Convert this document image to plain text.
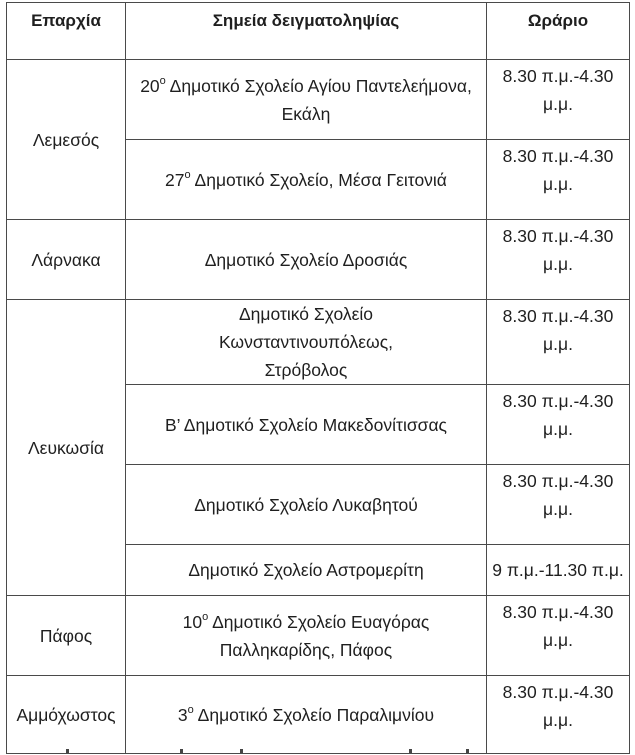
Επαρχία	Σημεία δειγματοληψίας	Ωράριο
Λεμεσός	$20^o$ Δημοτικό Σχολείο Αγίου Παντελεήμονα, Εκάλη	8.30 π.μ.-4.30 μ.μ.
	$27^o$ Δημοτικό Σχολείο, Μέσα Γειτονιά	8.30 π.μ.-4.30 μ.μ.
Λάρνακα	Δημοτικό Σχολείο Δροσιάς	8.30 π.μ.-4.30 μ.μ.
Λευκωσία	Δημοτικό Σχολείο Κωνσταντινουπόλεως, Στρόβολος	8.30 π.μ.-4.30 μ.μ.
	Β’ Δημοτικό Σχολείο Μακεδονίτισσας	8.30 π.μ.-4.30 μ.μ.
	Δημοτικό Σχολείο Λυκαβητού	8.30 π.μ.-4.30 μ.μ.
	Δημοτικό Σχολείο Αστρομερίτη	9 π.μ.-11.30 π.μ.
Πάφος	$10^o$ Δημοτικό Σχολείο Ευαγόρας Παλληκαρίδης, Πάφος	8.30 π.μ.-4.30 μ.μ.
Αμμόχωστος	$3^o$ Δημοτικό Σχολείο Παραλιμνίου	8.30 π.μ.-4.30 μ.μ.
